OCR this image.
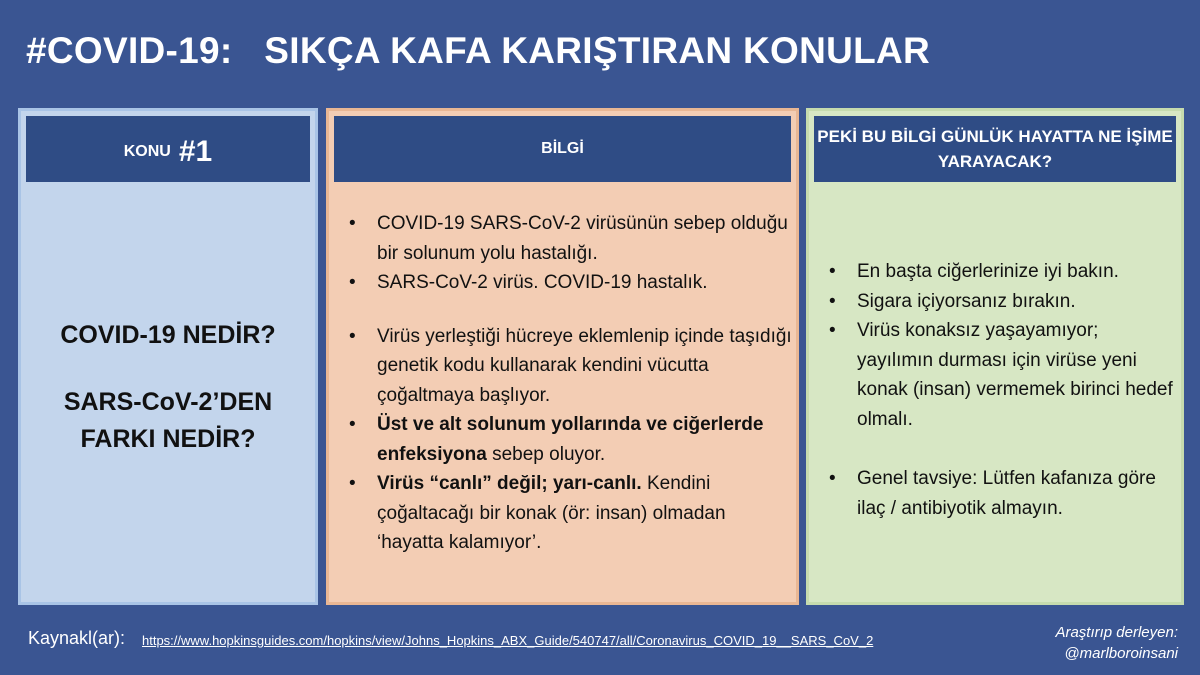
#COVID-19:   SIKÇA KAFA KARIŞTIRAN KONULAR
KONU #1
COVID-19 NEDİR?
SARS-CoV-2’DEN
FARKI NEDİR?
BİLGİ
• COVID-19 SARS-CoV-2 virüsünün sebep olduğu bir solunum yolu hastalığı.
• SARS-CoV-2 virüs. COVID-19 hastalık.
• Virüs yerleştiği hücreye eklemlenip içinde taşıdığı genetik kodu kullanarak kendini vücutta çoğaltmaya başlıyor.
• Üst ve alt solunum yollarında ve ciğerlerde enfeksiyona sebep oluyor.
• Virüs “canlı” değil; yarı-canlı. Kendini çoğaltacağı bir konak (ör: insan) olmadan ‘hayatta kalamıyor’.
PEKİ BU BİLGİ GÜNLÜK HAYATTA NE İŞİME YARAYACAK?
• En başta ciğerlerinize iyi bakın.
• Sigara içiyorsanız bırakın.
• Virüs konaksız yaşayamıyor; yayılımın durması için virüse yeni konak (insan) vermemek birinci hedef olmalı.
• Genel tavsiye: Lütfen kafanıza göre ilaç / antibiyotik almayın.
Kaynakl(ar): https://www.hopkinsguides.com/hopkins/view/Johns_Hopkins_ABX_Guide/540747/all/Coronavirus_COVID_19__SARS_CoV_2	Araştırıp derleyen:
@marlboroinsani
